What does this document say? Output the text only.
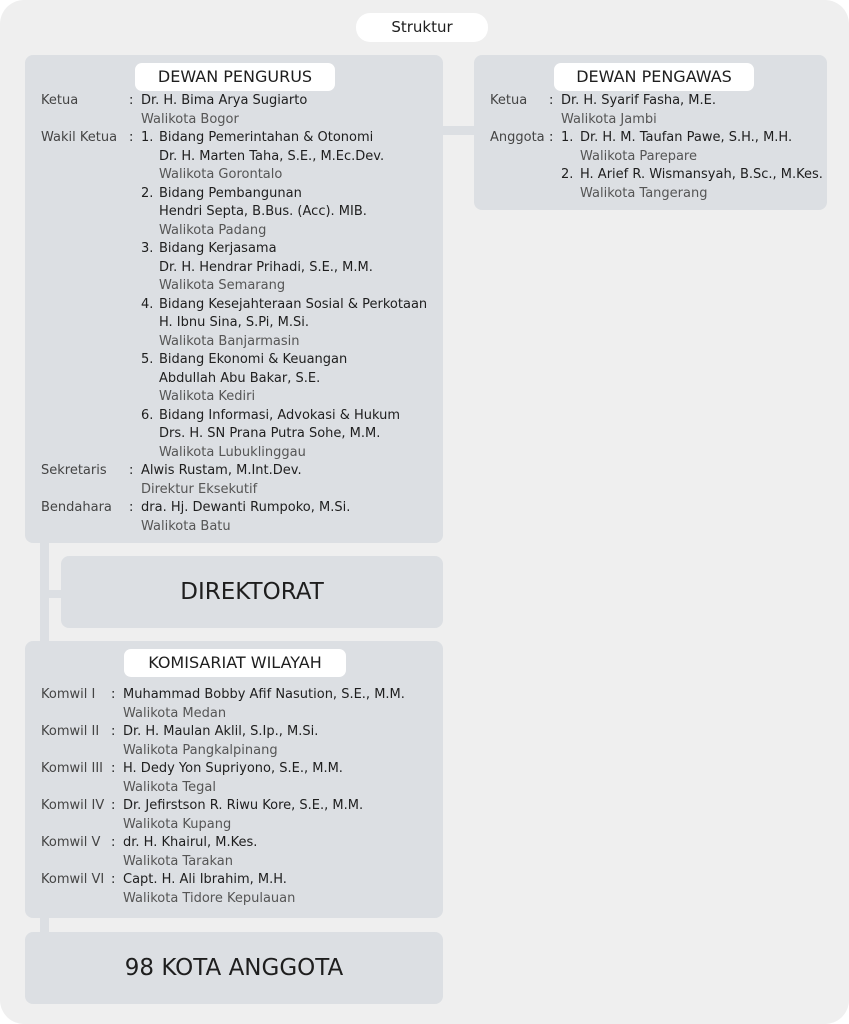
Struktur
DEWAN PENGURUS
Ketua	: Dr. H. Bima Arya Sugiarto
Walikota Bogor
Wakil Ketua : 1. Bidang Pemerintahan & Otonomi
Dr. H. Marten Taha, S.E., M.Ec.Dev.
Walikota Gorontalo
2. Bidang Pembangunan
Hendri Septa, B.Bus. (Acc). MIB.
Walikota Padang
3. Bidang Kerjasama
Dr. H. Hendrar Prihadi, S.E., M.M.
Walikota Semarang
4. Bidang Kesejahteraan Sosial & Perkotaan
H. Ibnu Sina, S.Pi, M.Si.
Walikota Banjarmasin
5. Bidang Ekonomi & Keuangan
Abdullah Abu Bakar, S.E.
Walikota Kediri
6. Bidang Informasi, Advokasi & Hukum
Drs. H. SN Prana Putra Sohe, M.M.
Walikota Lubuklinggau
Sekretaris : Alwis Rustam, M.Int.Dev.
Direktur Eksekutif
Bendahara : dra. Hj. Dewanti Rumpoko, M.Si.
Walikota Batu
DEWAN PENGAWAS
Ketua : Dr. H. Syarif Fasha, M.E.
Walikota Jambi
Anggota : 1. Dr. H. M. Taufan Pawe, S.H., M.H.
Walikota Parepare
2. H. Arief R. Wismansyah, B.Sc., M.Kes.
Walikota Tangerang
DIREKTORAT
KOMISARIAT WILAYAH
Komwil I : Muhammad Bobby Afif Nasution, S.E., M.M.
Walikota Medan
Komwil II : Dr. H. Maulan Aklil, S.Ip., M.Si.
Walikota Pangkalpinang
Komwil III : H. Dedy Yon Supriyono, S.E., M.M.
Walikota Tegal
Komwil IV : Dr. Jefirstson R. Riwu Kore, S.E., M.M.
Walikota Kupang
Komwil V : dr. H. Khairul, M.Kes.
Walikota Tarakan
Komwil VI : Capt. H. Ali Ibrahim, M.H.
Walikota Tidore Kepulauan
98 KOTA ANGGOTA
